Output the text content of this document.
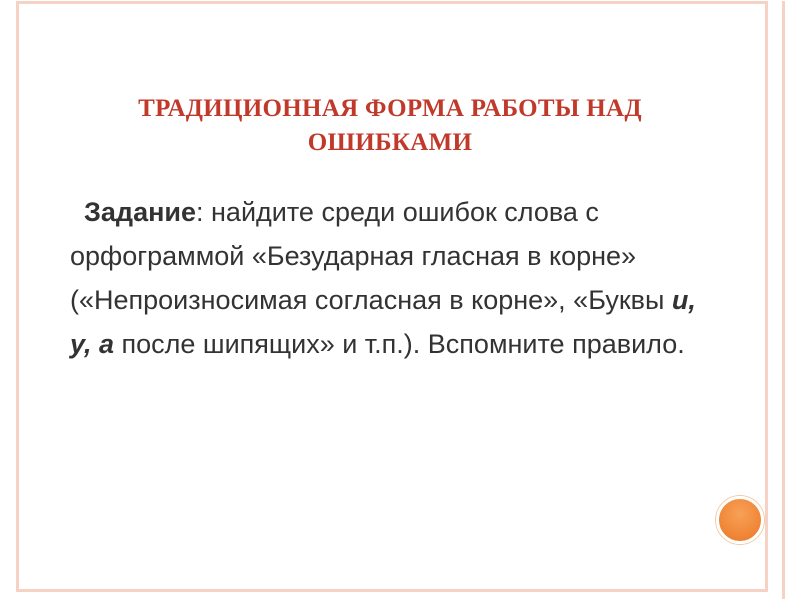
ТРАДИЦИОННАЯ ФОРМА РАБОТЫ НАД
ОШИБКАМИ
Задание: найдите среди ошибок слова с орфограммой «Безударная гласная в корне» («Непроизносимая согласная в корне», «Буквы и, у, а после шипящих» и т.п.). Вспомните правило.
